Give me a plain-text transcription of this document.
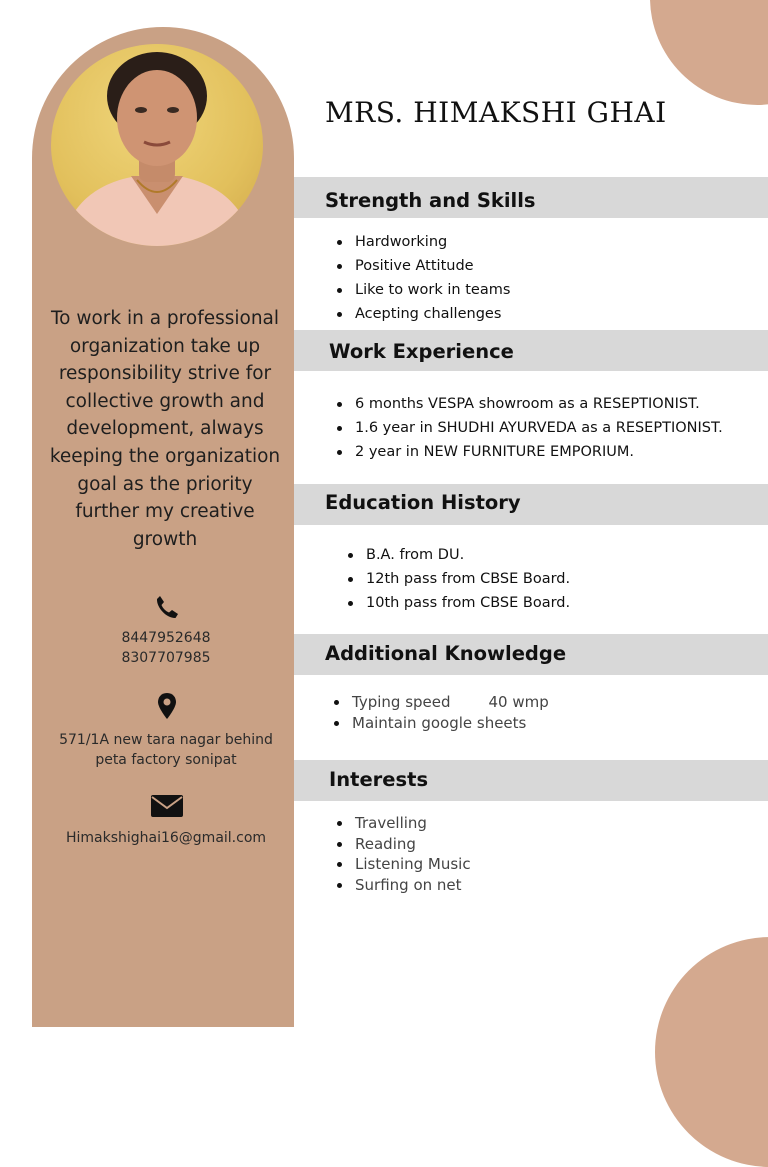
To work in a professional organization take up responsibility strive for collective growth and development, always keeping the organization goal as the priority further my creative growth
8447952648
8307707985
571/1A new tara nagar behind
peta factory sonipat
Himakshighai16@gmail.com
MRS. HIMAKSHI GHAI
Strength and Skills
Hardworking
Positive Attitude
Like to work in teams
Acepting challenges
Work Experience
6 months VESPA showroom as a RESEPTIONIST.
1.6 year in SHUDHI AYURVEDA as a RESEPTIONIST.
2 year in NEW FURNITURE EMPORIUM.
Education History
B.A. from DU.
12th pass from CBSE Board.
10th pass from CBSE Board.
Additional Knowledge
Typing speed	40 wmp
Maintain google sheets
Interests
Travelling
Reading
Listening Music
Surfing on net
